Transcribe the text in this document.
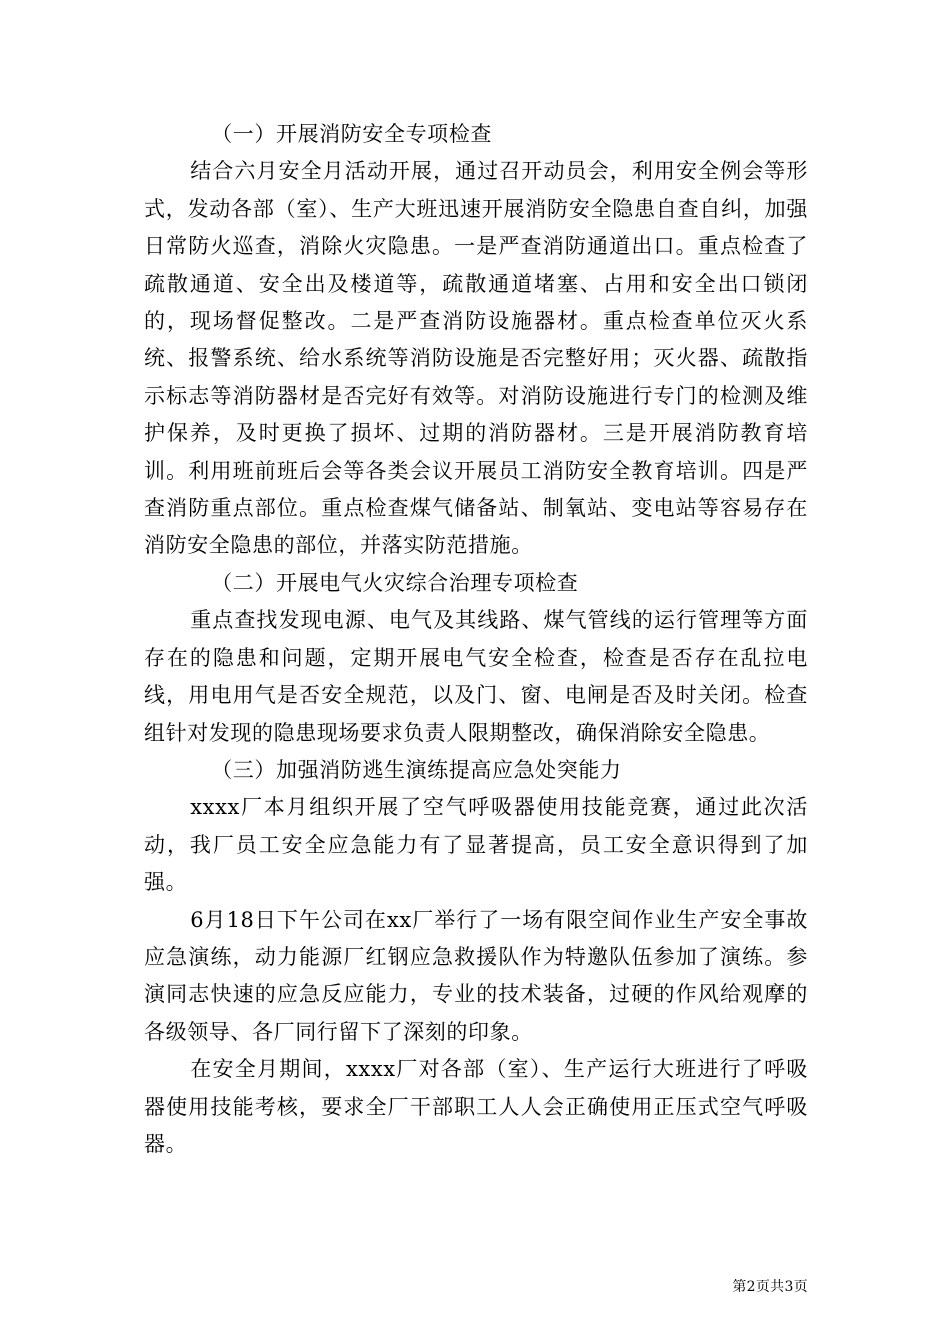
（一）开展消防安全专项检查

结合六月安全月活动开展，通过召开动员会，利用安全例会等形式，发动各部（室）、生产大班迅速开展消防安全隐患自查自纠，加强日常防火巡查，消除火灾隐患。一是严查消防通道出口。重点检查了疏散通道、安全出及楼道等，疏散通道堵塞、占用和安全出口锁闭的，现场督促整改。二是严查消防设施器材。重点检查单位灭火系统、报警系统、给水系统等消防设施是否完整好用；灭火器、疏散指示标志等消防器材是否完好有效等。对消防设施进行专门的检测及维护保养，及时更换了损坏、过期的消防器材。三是开展消防教育培训。利用班前班后会等各类会议开展员工消防安全教育培训。四是严查消防重点部位。重点检查煤气储备站、制氧站、变电站等容易存在消防安全隐患的部位，并落实防范措施。

（二）开展电气火灾综合治理专项检查

重点查找发现电源、电气及其线路、煤气管线的运行管理等方面存在的隐患和问题，定期开展电气安全检查，检查是否存在乱拉电线，用电用气是否安全规范，以及门、窗、电闸是否及时关闭。检查组针对发现的隐患现场要求负责人限期整改，确保消除安全隐患。

（三）加强消防逃生演练提高应急处突能力

xxxx厂本月组织开展了空气呼吸器使用技能竞赛，通过此次活动，我厂员工安全应急能力有了显著提高，员工安全意识得到了加强。

6月18日下午公司在xx厂举行了一场有限空间作业生产安全事故应急演练，动力能源厂红钢应急救援队作为特邀队伍参加了演练。参演同志快速的应急反应能力，专业的技术装备，过硬的作风给观摩的各级领导、各厂同行留下了深刻的印象。

在安全月期间，xxxx厂对各部（室）、生产运行大班进行了呼吸器使用技能考核，要求全厂干部职工人人会正确使用正压式空气呼吸器。

第2页共3页
